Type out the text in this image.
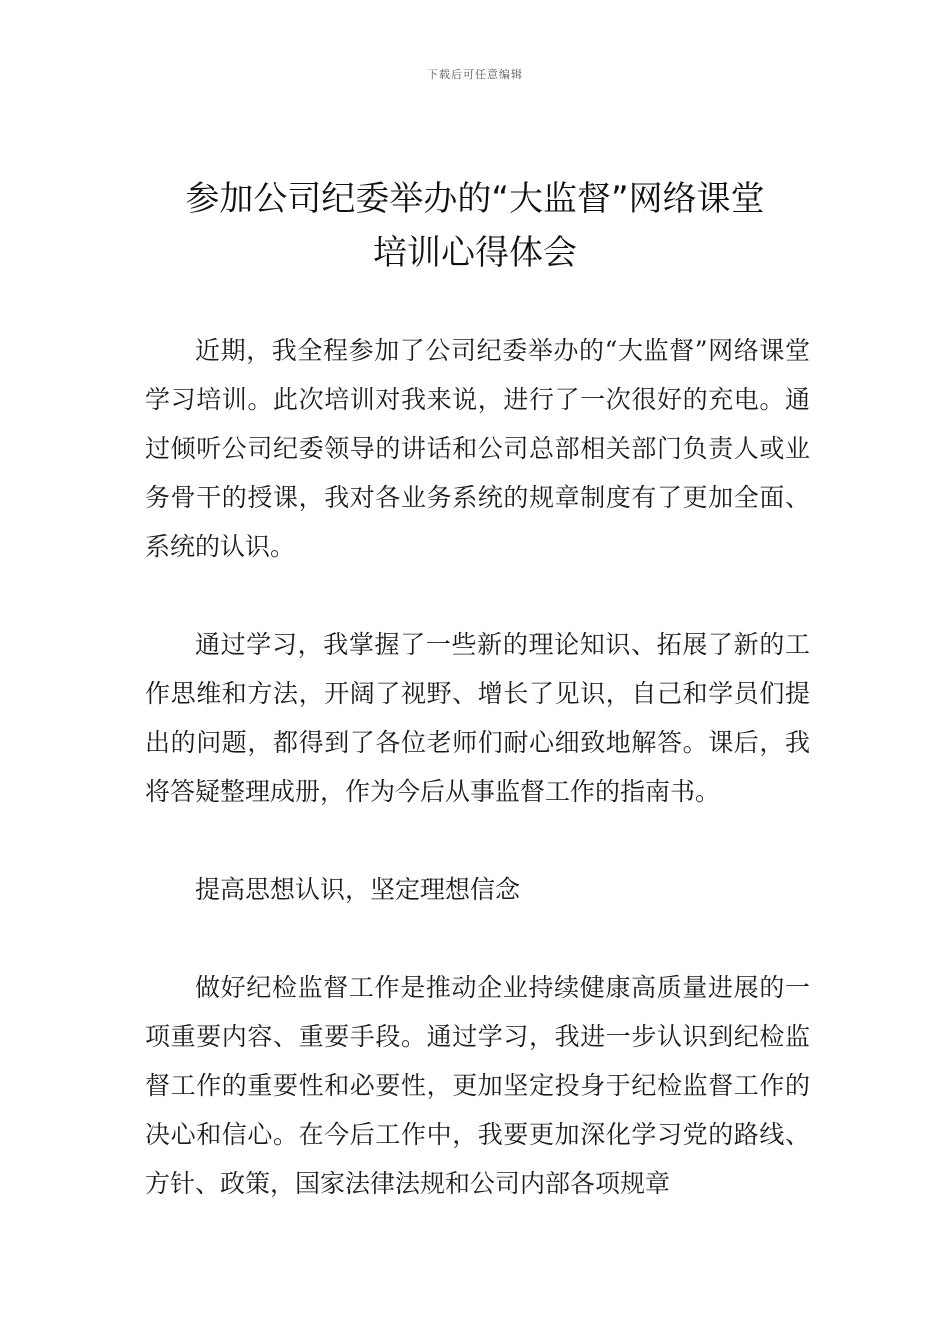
下载后可任意编辑
参加公司纪委举办的“大监督”网络课堂
培训心得体会

近期，我全程参加了公司纪委举办的“大监督”网络课堂学习培训。此次培训对我来说，进行了一次很好的充电。通过倾听公司纪委领导的讲话和公司总部相关部门负责人或业务骨干的授课，我对各业务系统的规章制度有了更加全面、系统的认识。

通过学习，我掌握了一些新的理论知识、拓展了新的工作思维和方法，开阔了视野、增长了见识，自己和学员们提出的问题，都得到了各位老师们耐心细致地解答。课后，我将答疑整理成册，作为今后从事监督工作的指南书。

提高思想认识，坚定理想信念

做好纪检监督工作是推动企业持续健康高质量进展的一项重要内容、重要手段。通过学习，我进一步认识到纪检监督工作的重要性和必要性，更加坚定投身于纪检监督工作的决心和信心。在今后工作中，我要更加深化学习党的路线、方针、政策，国家法律法规和公司内部各项规章
